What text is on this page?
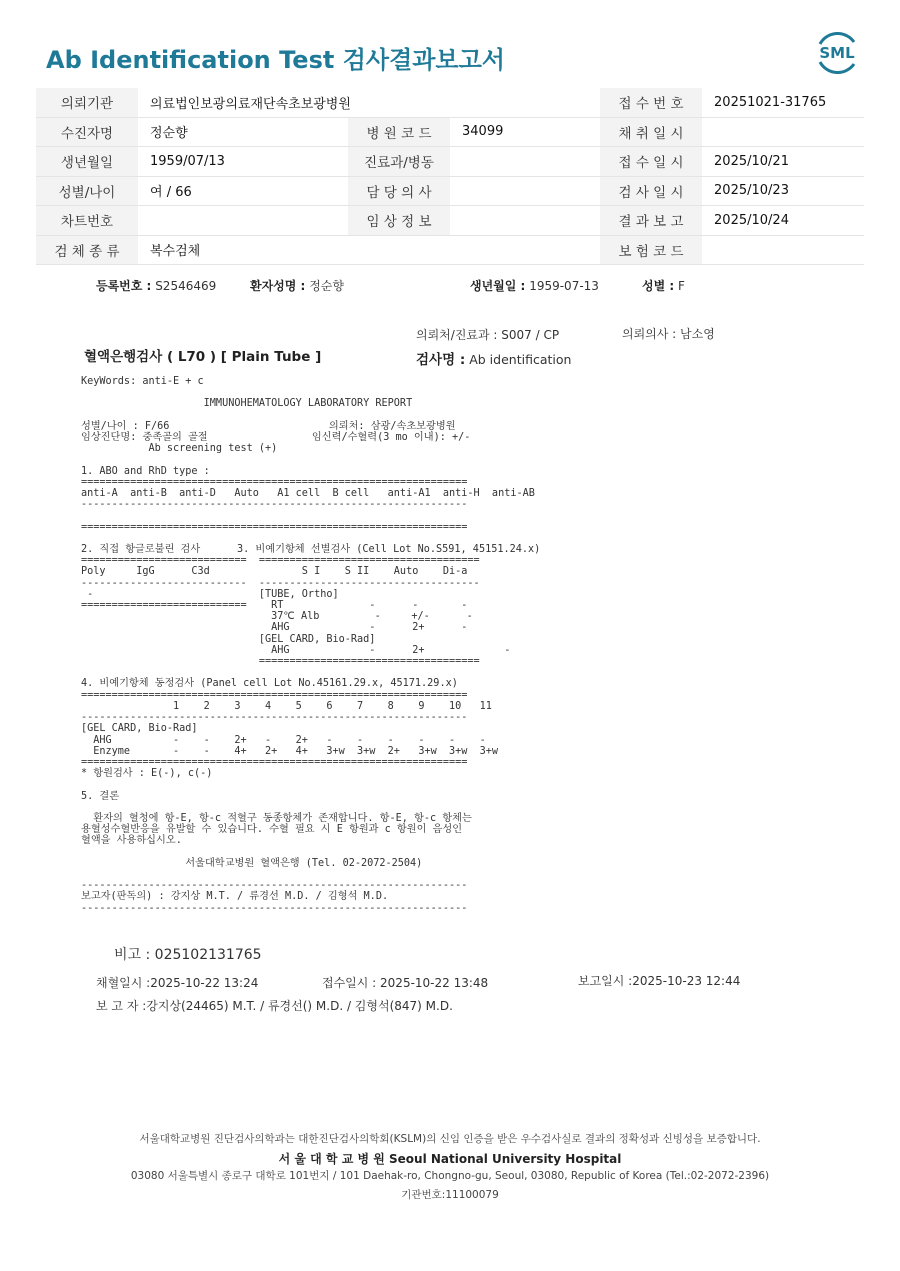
Ab Identification Test 검사결과보고서	SML
의뢰기관	의료법인보광의료재단속초보광병원			접 수 번 호	20251021-31765
수진자명	정순향	병 원 코 드	34099	채 취 일 시	
생년월일	1959/07/13	진료과/병동		접 수 일 시	2025/10/21
성별/나이	여 / 66	담 당 의 사		검 사 일 시	2025/10/23
차트번호		임 상 정 보		결 과 보 고	2025/10/24
검 체 종 류	복수검체			보 험 코 드	
등록번호 : S2546469	환자성명 : 정순향	생년월일 : 1959-07-13	성별 : F
의뢰처/진료과 : S007 / CP	의뢰의사 : 남소영
혈액은행검사 ( L70 ) [ Plain Tube ]	검사명 : Ab identification
KeyWords: anti-E + c

IMMUNOHEMATOLOGY LABORATORY REPORT

성별/나이 : F/66                          의뢰처: 삼광/속초보광병원
임상진단명: 중족골의 골절                 임신력/수혈력(3 mo 이내): +/-
Ab screening test (+)

1. ABO and RhD type :
===============================================================
anti-A  anti-B  anti-D   Auto   A1 cell  B cell   anti-A1  anti-H  anti-AB
---------------------------------------------------------------

===============================================================

2. 직접 항글로불린 검사      3. 비예기항체 선별검사 (Cell Lot No.S591, 45151.24.x)
===========================  ====================================
Poly     IgG      C3d               S I    S II    Auto    Di-a
---------------------------  ------------------------------------
-                           [TUBE, Ortho]
===========================    RT              -      -       -
37℃ Alb         -     +/-      -
AHG             -      2+      -
[GEL CARD, Bio-Rad]
AHG             -      2+             -
====================================

4. 비예기항체 동정검사 (Panel cell Lot No.45161.29.x, 45171.29.x)
===============================================================
1    2    3    4    5    6    7    8    9    10   11
---------------------------------------------------------------
[GEL CARD, Bio-Rad]
AHG          -    -    2+   -    2+   -    -    -    -    -    -
Enzyme       -    -    4+   2+   4+   3+w  3+w  2+   3+w  3+w  3+w
===============================================================
* 항원검사 : E(-), c(-)

5. 결론

환자의 혈청에 항-E, 항-c 적혈구 동종항체가 존재합니다. 항-E, 항-c 항체는
용혈성수혈반응을 유발할 수 있습니다. 수혈 필요 시 E 항원과 c 항원이 음성인
혈액을 사용하십시오.

서울대학교병원 혈액은행 (Tel. 02-2072-2504)

---------------------------------------------------------------
보고자(판독의) : 강지상 M.T. / 류경선 M.D. / 김형석 M.D.
---------------------------------------------------------------
비고 : 025102131765
채혈일시 :2025-10-22 13:24	접수일시 : 2025-10-22 13:48	보고일시 :2025-10-23 12:44
보 고 자 :강지상(24465) M.T. / 류경선() M.D. / 김형석(847) M.D.
서울대학교병원 진단검사의학과는 대한진단검사의학회(KSLM)의 신임 인증을 받은 우수검사실로 결과의 정확성과 신빙성을 보증합니다.
서 울 대 학 교 병 원 Seoul National University Hospital
03080 서울특별시 종로구 대학로 101번지 / 101 Daehak-ro, Chongno-gu, Seoul, 03080, Republic of Korea (Tel.:02-2072-2396)
기관번호:11100079
